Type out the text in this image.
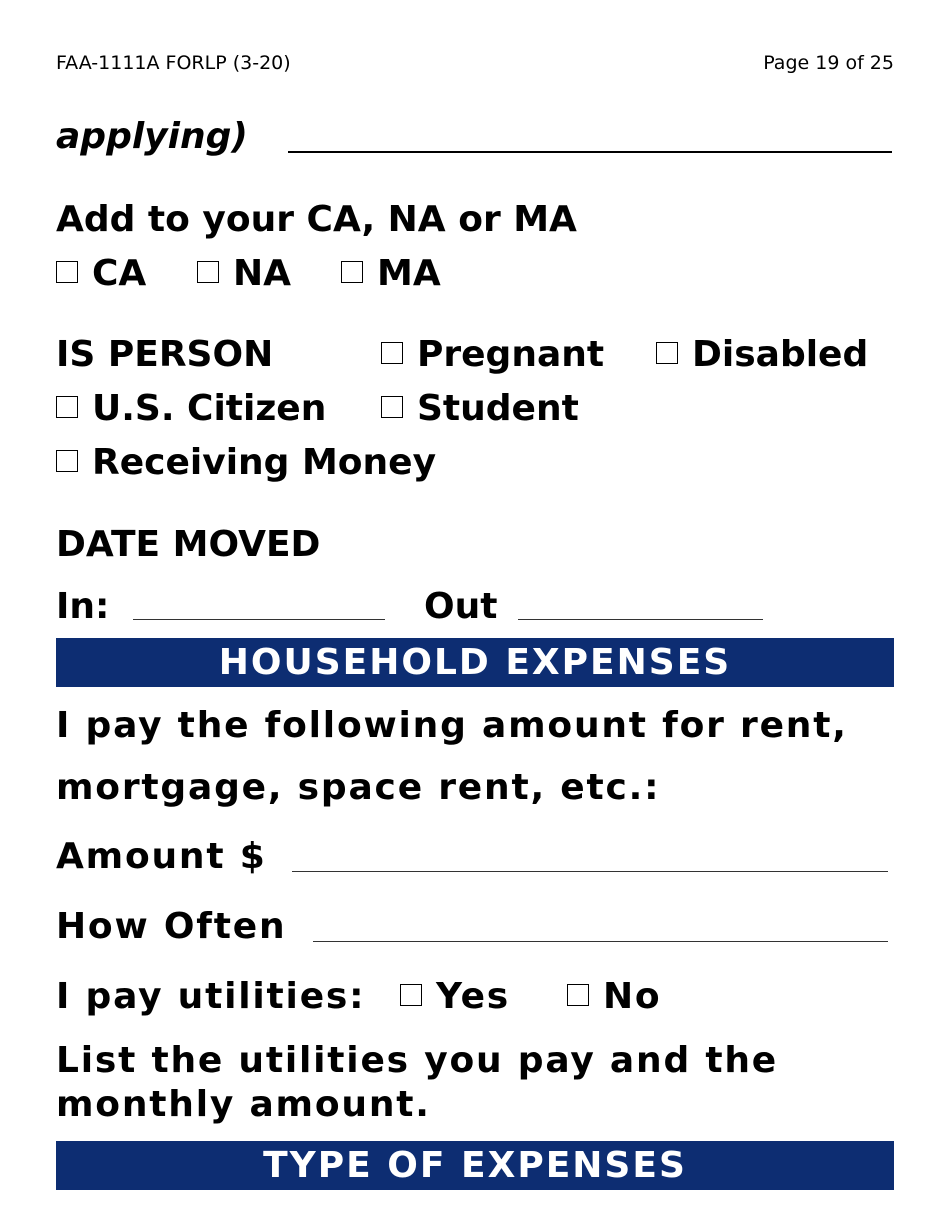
FAA-1111A FORLP (3-20)	Page 19 of 25
applying)
Add to your CA, NA or MA
CA	NA	MA
IS PERSON	Pregnant	Disabled
U.S. Citizen	Student
Receiving Money
DATE MOVED
In:	Out
HOUSEHOLD EXPENSES
I pay the following amount for rent,
mortgage, space rent, etc.:
Amount $
How Often
I pay utilities:	Yes	No
List the utilities you pay and the
monthly amount.
TYPE OF EXPENSES
